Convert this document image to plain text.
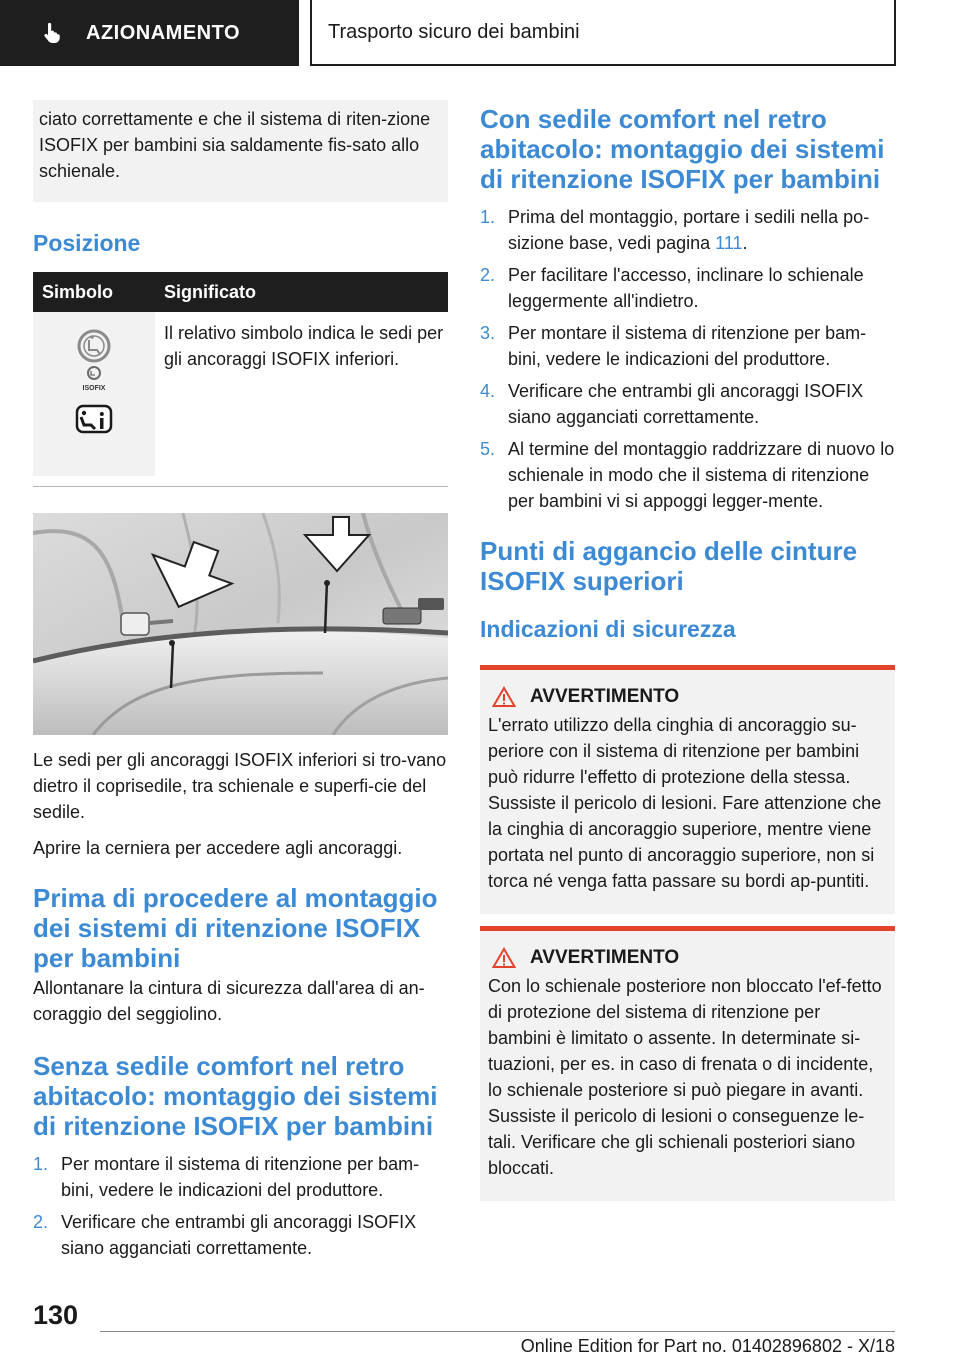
AZIONAMENTO	Trasporto sicuro dei bambini
ciato correttamente e che il sistema di riten-zione ISOFIX per bambini sia saldamente fis-sato allo schienale.
Posizione
Simbolo	Significato

ISOFIX	Il relativo simbolo indica le sedi per gli ancoraggi ISOFIX inferiori.

Le sedi per gli ancoraggi ISOFIX inferiori si tro-vano dietro il coprisedile, tra schienale e superfi-cie del sedile.

Aprire la cerniera per accedere agli ancoraggi.

Prima di procedere al montaggio dei sistemi di ritenzione ISOFIX per bambini

Allontanare la cintura di sicurezza dall'area di an-coraggio del seggiolino.

Senza sedile comfort nel retro abitacolo: montaggio dei sistemi di ritenzione ISOFIX per bambini
1. Per montare il sistema di ritenzione per bam-bini, vedere le indicazioni del produttore.
2. Verificare che entrambi gli ancoraggi ISOFIX siano agganciati correttamente.
Con sedile comfort nel retro abitacolo: montaggio dei sistemi di ritenzione ISOFIX per bambini
1. Prima del montaggio, portare i sedili nella po-sizione base, vedi pagina 111.
2. Per facilitare l'accesso, inclinare lo schienale leggermente all'indietro.
3. Per montare il sistema di ritenzione per bam-bini, vedere le indicazioni del produttore.
4. Verificare che entrambi gli ancoraggi ISOFIX siano agganciati correttamente.
5. Al termine del montaggio raddrizzare di nuovo lo schienale in modo che il sistema di ritenzione per bambini vi si appoggi legger-mente.
Punti di aggancio delle cinture ISOFIX superiori
Indicazioni di sicurezza
AVVERTIMENTO

L'errato utilizzo della cinghia di ancoraggio su-periore con il sistema di ritenzione per bambini può ridurre l'effetto di protezione della stessa. Sussiste il pericolo di lesioni. Fare attenzione che la cinghia di ancoraggio superiore, mentre viene portata nel punto di ancoraggio superiore, non si torca né venga fatta passare su bordi ap-puntiti.

AVVERTIMENTO

Con lo schienale posteriore non bloccato l'ef-fetto di protezione del sistema di ritenzione per bambini è limitato o assente. In determinate si-tuazioni, per es. in caso di frenata o di incidente, lo schienale posteriore si può piegare in avanti. Sussiste il pericolo di lesioni o conseguenze le-tali. Verificare che gli schienali posteriori siano bloccati.

130
Online Edition for Part no. 01402896802 - X/18
